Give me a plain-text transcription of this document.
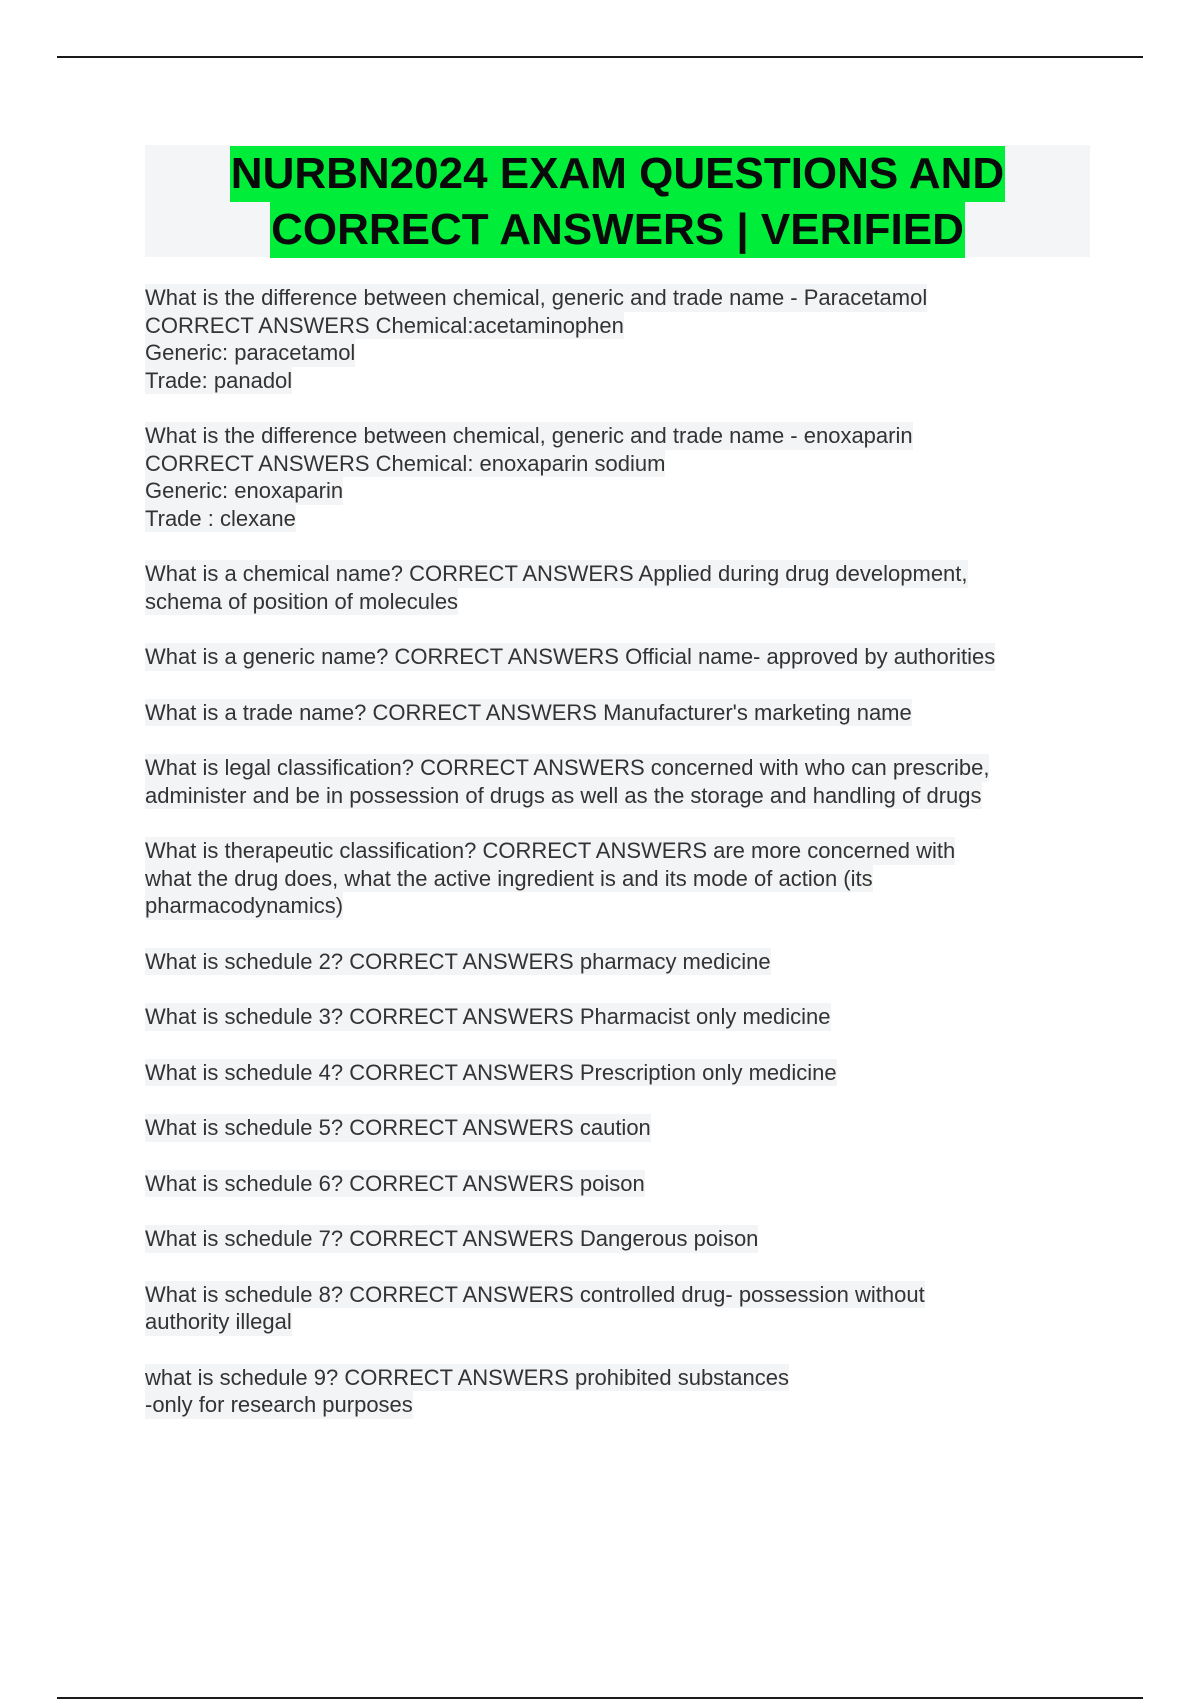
NURBN2024 EXAM QUESTIONS AND
CORRECT ANSWERS | VERIFIED
What is the difference between chemical, generic and trade name - Paracetamol
CORRECT ANSWERS Chemical:acetaminophen
Generic: paracetamol
Trade: panadol
What is the difference between chemical, generic and trade name - enoxaparin
CORRECT ANSWERS Chemical: enoxaparin sodium
Generic: enoxaparin
Trade : clexane
What is a chemical name? CORRECT ANSWERS Applied during drug development,
schema of position of molecules
What is a generic name? CORRECT ANSWERS Official name- approved by authorities
What is a trade name? CORRECT ANSWERS Manufacturer's marketing name
What is legal classification? CORRECT ANSWERS concerned with who can prescribe,
administer and be in possession of drugs as well as the storage and handling of drugs
What is therapeutic classification? CORRECT ANSWERS are more concerned with
what the drug does, what the active ingredient is and its mode of action (its
pharmacodynamics)
What is schedule 2? CORRECT ANSWERS pharmacy medicine
What is schedule 3? CORRECT ANSWERS Pharmacist only medicine
What is schedule 4? CORRECT ANSWERS Prescription only medicine
What is schedule 5? CORRECT ANSWERS caution
What is schedule 6? CORRECT ANSWERS poison
What is schedule 7? CORRECT ANSWERS Dangerous poison
What is schedule 8? CORRECT ANSWERS controlled drug- possession without
authority illegal
what is schedule 9? CORRECT ANSWERS prohibited substances
-only for research purposes
